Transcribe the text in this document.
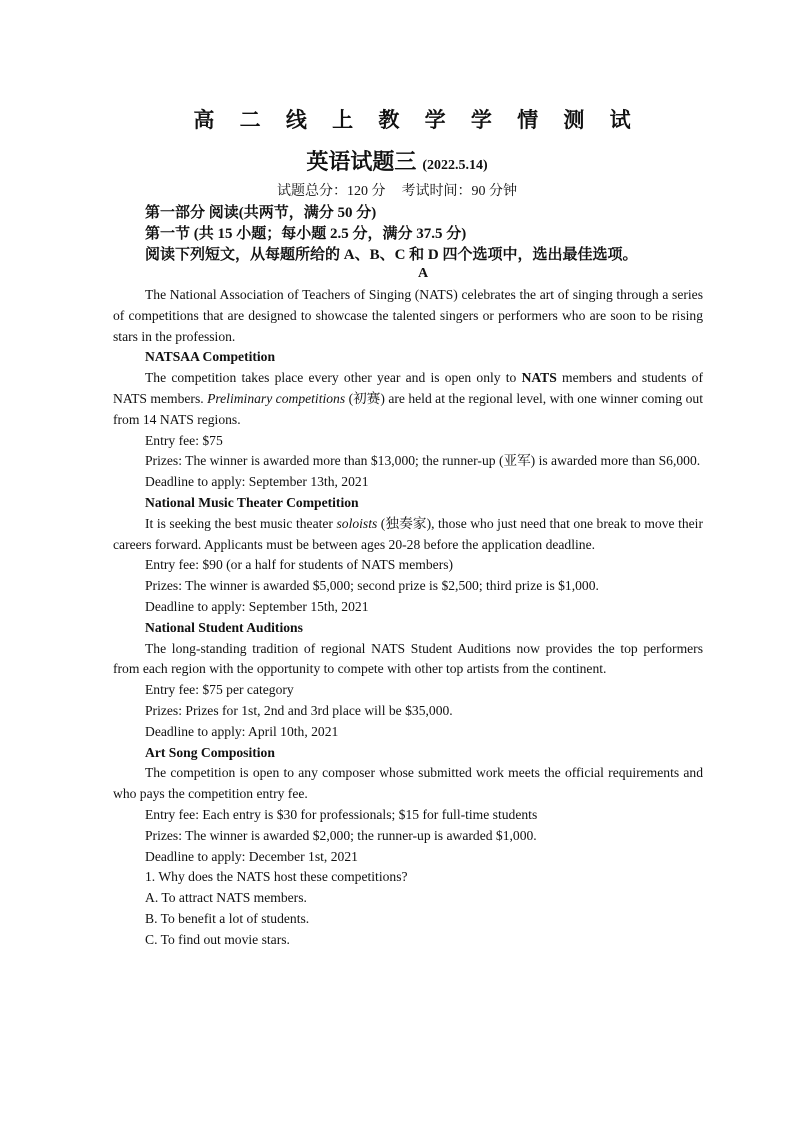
高 二 线 上 教 学 学 情 测 试
英语试题三 (2022.5.14)
试题总分：120 分 考试时间：90 分钟
第一部分 阅读(共两节，满分 50 分)
第一节 (共 15 小题；每小题 2.5 分，满分 37.5 分)
阅读下列短文，从每题所给的 A、B、C 和 D 四个选项中，选出最佳选项。
A

The National Association of Teachers of Singing (NATS) celebrates the art of singing through a series of competitions that are designed to showcase the talented singers or performers who are soon to be rising stars in the profession.

NATSAA Competition

The competition takes place every other year and is open only to NATS members and students of NATS members. Preliminary competitions (初赛) are held at the regional level, with one winner coming out from 14 NATS regions.

Entry fee: $75

Prizes: The winner is awarded more than $13,000; the runner-up (亚军) is awarded more than S6,000.

Deadline to apply: September 13th, 2021

National Music Theater Competition

It is seeking the best music theater soloists (独奏家), those who just need that one break to move their careers forward. Applicants must be between ages 20-28 before the application deadline.

Entry fee: $90 (or a half for students of NATS members)

Prizes: The winner is awarded $5,000; second prize is $2,500; third prize is $1,000.

Deadline to apply: September 15th, 2021

National Student Auditions

The long-standing tradition of regional NATS Student Auditions now provides the top performers from each region with the opportunity to compete with other top artists from the continent.

Entry fee: $75 per category

Prizes: Prizes for 1st, 2nd and 3rd place will be $35,000.

Deadline to apply: April 10th, 2021

Art Song Composition

The competition is open to any composer whose submitted work meets the official requirements and who pays the competition entry fee.

Entry fee: Each entry is $30 for professionals; $15 for full-time students

Prizes: The winner is awarded $2,000; the runner-up is awarded $1,000.

Deadline to apply: December 1st, 2021

1. Why does the NATS host these competitions?

A. To attract NATS members.

B. To benefit a lot of students.

C. To find out movie stars.
